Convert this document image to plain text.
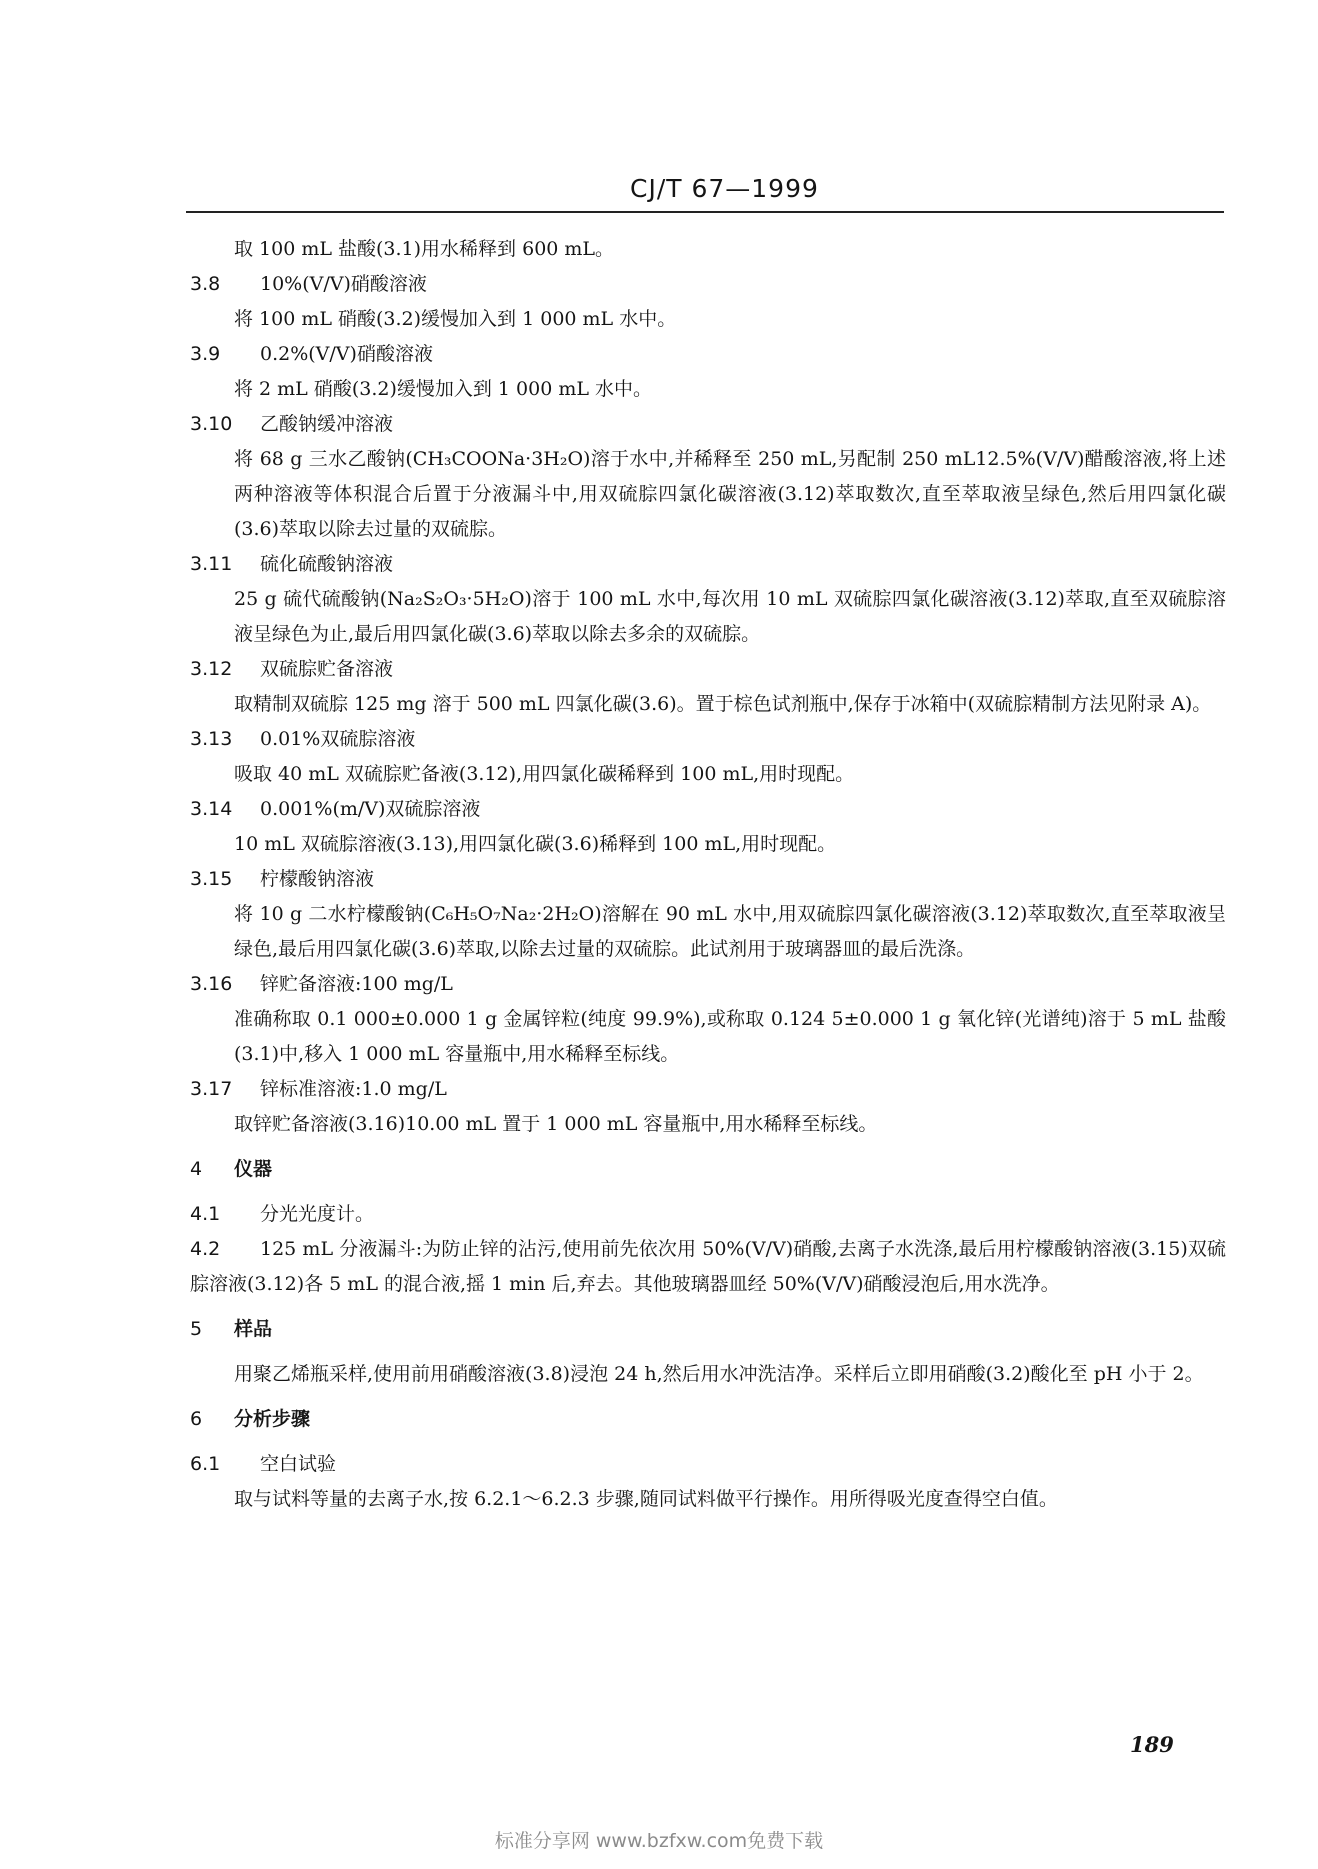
CJ/T 67—1999

取 100 mL 盐酸(3.1)用水稀释到 600 mL。

3.8 10%(V/V)硝酸溶液

将 100 mL 硝酸(3.2)缓慢加入到 1 000 mL 水中。

3.9 0.2%(V/V)硝酸溶液

将 2 mL 硝酸(3.2)缓慢加入到 1 000 mL 水中。

3.10 乙酸钠缓冲溶液

将 68 g 三水乙酸钠(CH₃COONa·3H₂O)溶于水中,并稀释至 250 mL,另配制 250 mL12.5%(V/V)醋酸溶液,将上述两种溶液等体积混合后置于分液漏斗中,用双硫腙四氯化碳溶液(3.12)萃取数次,直至萃取液呈绿色,然后用四氯化碳(3.6)萃取以除去过量的双硫腙。

3.11 硫化硫酸钠溶液

25 g 硫代硫酸钠(Na₂S₂O₃·5H₂O)溶于 100 mL 水中,每次用 10 mL 双硫腙四氯化碳溶液(3.12)萃取,直至双硫腙溶液呈绿色为止,最后用四氯化碳(3.6)萃取以除去多余的双硫腙。

3.12 双硫腙贮备溶液

取精制双硫腙 125 mg 溶于 500 mL 四氯化碳(3.6)。置于棕色试剂瓶中,保存于冰箱中(双硫腙精制方法见附录 A)。

3.13 0.01%双硫腙溶液

吸取 40 mL 双硫腙贮备液(3.12),用四氯化碳稀释到 100 mL,用时现配。

3.14 0.001%(m/V)双硫腙溶液

10 mL 双硫腙溶液(3.13),用四氯化碳(3.6)稀释到 100 mL,用时现配。

3.15 柠檬酸钠溶液

将 10 g 二水柠檬酸钠(C₆H₅O₇Na₂·2H₂O)溶解在 90 mL 水中,用双硫腙四氯化碳溶液(3.12)萃取数次,直至萃取液呈绿色,最后用四氯化碳(3.6)萃取,以除去过量的双硫腙。此试剂用于玻璃器皿的最后洗涤。

3.16 锌贮备溶液:100 mg/L

准确称取 0.1 000±0.000 1 g 金属锌粒(纯度 99.9%),或称取 0.124 5±0.000 1 g 氧化锌(光谱纯)溶于 5 mL 盐酸(3.1)中,移入 1 000 mL 容量瓶中,用水稀释至标线。

3.17 锌标准溶液:1.0 mg/L

取锌贮备溶液(3.16)10.00 mL 置于 1 000 mL 容量瓶中,用水稀释至标线。

4 仪器
4.1 分光光度计。

4.2 125 mL 分液漏斗:为防止锌的沾污,使用前先依次用 50%(V/V)硝酸,去离子水洗涤,最后用柠檬酸钠溶液(3.15)双硫腙溶液(3.12)各 5 mL 的混合液,摇 1 min 后,弃去。其他玻璃器皿经 50%(V/V)硝酸浸泡后,用水洗净。

5 样品

用聚乙烯瓶采样,使用前用硝酸溶液(3.8)浸泡 24 h,然后用水冲洗洁净。采样后立即用硝酸(3.2)酸化至 pH 小于 2。

6 分析步骤
6.1 空白试验

取与试料等量的去离子水,按 6.2.1～6.2.3 步骤,随同试料做平行操作。用所得吸光度查得空白值。

189
标准分享网 www.bzfxw.com免费下载
